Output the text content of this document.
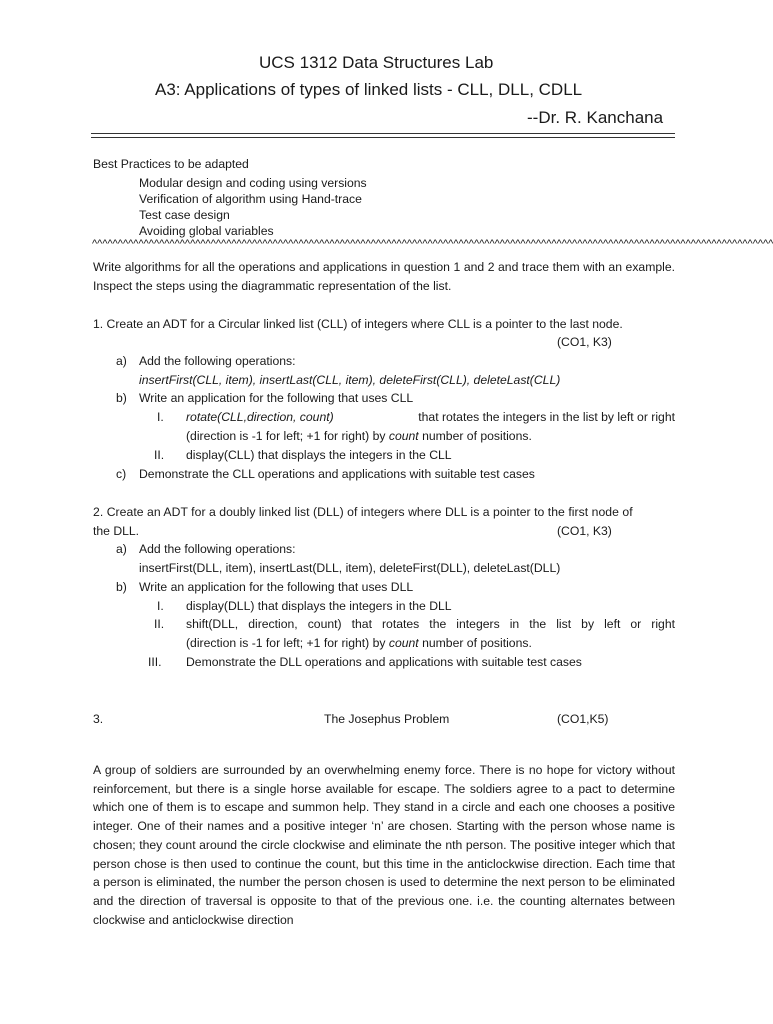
UCS 1312 Data Structures Lab
A3: Applications of types of linked lists - CLL, DLL, CDLL
--Dr. R. Kanchana
Best Practices to be adapted
Modular design and coding using versions
Verification of algorithm using Hand-trace
Test case design
Avoiding global variables
^^^^^^^^^^^^^^^^^^^^^^^^^^^^^^^^^^^^^^^^^^^^^^^^^^^^^^^^^^^^^^^^^^^^^^^^^^^^^^^^^^^^^^^^^^^^^^^^^^^^^^^^^^^^^^^^^^^^^^^^^^^^^^^^^^^^
Write algorithms for all the operations and applications in question 1 and 2 and trace them with an example. Inspect the steps using the diagrammatic representation of the list.
1. Create an ADT for a Circular linked list (CLL) of integers where CLL is a pointer to the last node.
(CO1, K3)
a) Add the following operations:
insertFirst(CLL, item), insertLast(CLL, item), deleteFirst(CLL), deleteLast(CLL)
b) Write an application for the following that uses CLL
I. rotate(CLL,direction, count)	that rotates the integers in the list by left or right
(direction is -1 for left; +1 for right) by count number of positions.
II. display(CLL) that displays the integers in the CLL
c) Demonstrate the CLL operations and applications with suitable test cases
2. Create an ADT for a doubly linked list (DLL) of integers where DLL is a pointer to the first node of
the DLL.	(CO1, K3)
a) Add the following operations:
insertFirst(DLL, item), insertLast(DLL, item), deleteFirst(DLL), deleteLast(DLL)
b) Write an application for the following that uses DLL
I. display(DLL) that displays the integers in the DLL
II. shift(DLL, direction, count) that rotates the integers in the list by left or right
(direction is -1 for left; +1 for right) by count number of positions.
III. Demonstrate the DLL operations and applications with suitable test cases
3.	The Josephus Problem	(CO1,K5)
A group of soldiers are surrounded by an overwhelming enemy force. There is no hope for victory without reinforcement, but there is a single horse available for escape. The soldiers agree to a pact to determine which one of them is to escape and summon help. They stand in a circle and each one chooses a positive integer. One of their names and a positive integer ‘n’ are chosen. Starting with the person whose name is chosen; they count around the circle clockwise and eliminate the nth person. The positive integer which that person chose is then used to continue the count, but this time in the anticlockwise direction. Each time that a person is eliminated, the number the person chosen is used to determine the next person to be eliminated and the direction of traversal is opposite to that of the previous one. i.e. the counting alternates between clockwise and anticlockwise direction
